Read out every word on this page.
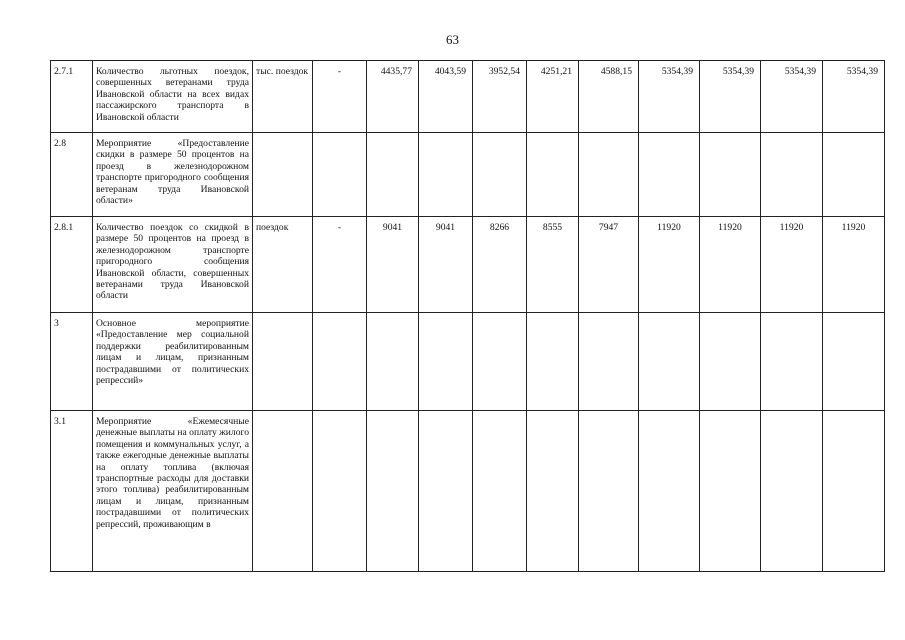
63
2.7.1	Количество льготных поездок, совершенных ветеранами труда Ивановской области на всех видах пассажирского транспорта в Ивановской области	тыс. поездок	-	4435,77	4043,59	3952,54	4251,21	4588,15	5354,39	5354,39	5354,39	5354,39
2.8	Мероприятие «Предоставление скидки в размере 50 процентов на проезд в железнодорожном транспорте пригородного сообщения ветеранам труда Ивановской области»											
2.8.1	Количество поездок со скидкой в размере 50 процентов на проезд в железнодорожном транспорте пригородного сообщения Ивановской области, совершенных ветеранами труда Ивановской области	поездок	-	9041	9041	8266	8555	7947	11920	11920	11920	11920
3	Основное мероприятие «Предоставление мер социальной поддержки реабилитированным лицам и лицам, признанным пострадавшими от политических репрессий»											
3.1	Мероприятие «Ежемесячные денежные выплаты на оплату жилого помещения и коммунальных услуг, а также ежегодные денежные выплаты на оплату топлива (включая транспортные расходы для доставки этого топлива) реабилитированным лицам и лицам, признанным пострадавшими от политических репрессий, проживающим в											
